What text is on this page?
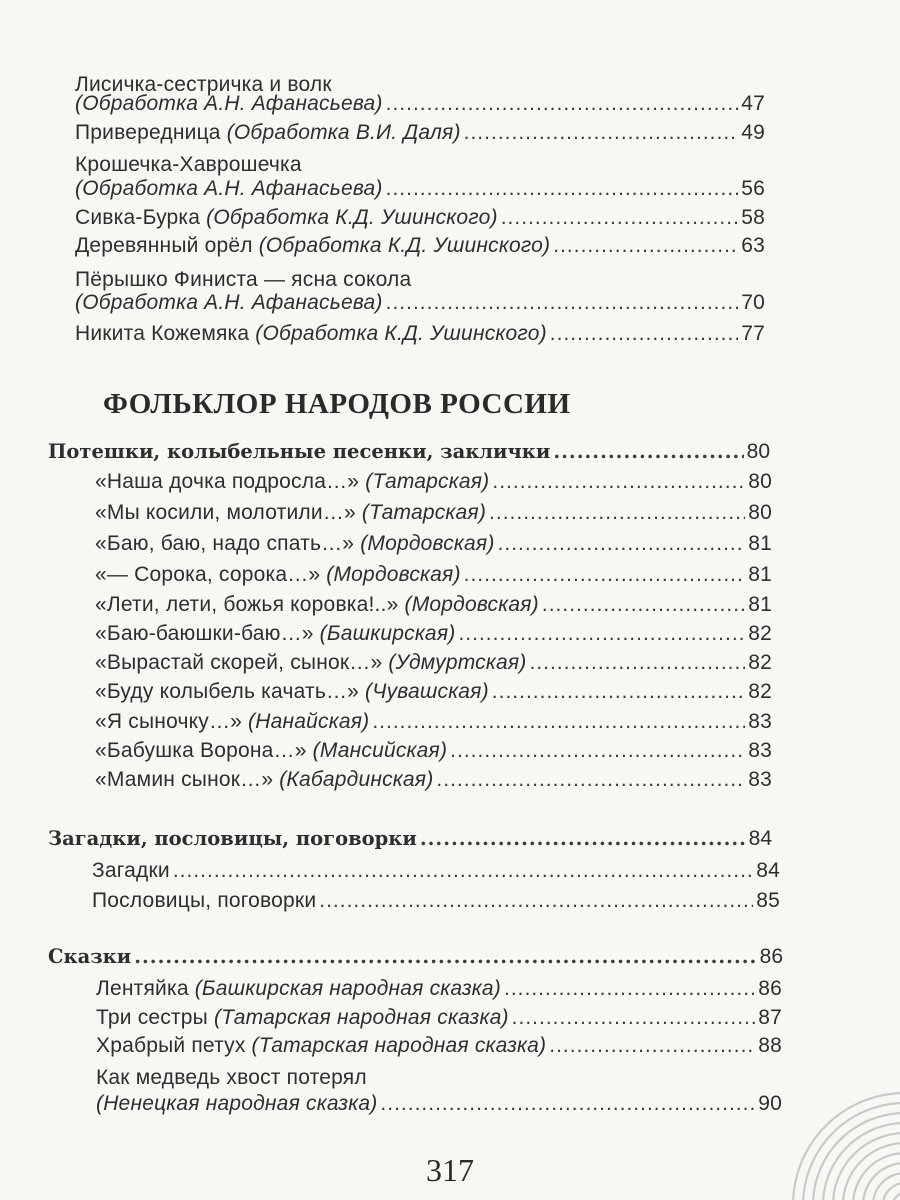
Лисичка-сестричка и волк
(Обработка А.Н. Афанасьева) .....	47
Привередница (Обработка В.И. Даля) .....	49
Крошечка-Хаврошечка
(Обработка А.Н. Афанасьева) .....	56
Сивка-Бурка (Обработка К.Д. Ушинского) .....	58
Деревянный орёл (Обработка К.Д. Ушинского) .....	63
Пёрышко Финиста — ясна сокола
(Обработка А.Н. Афанасьева) .....	70
Никита Кожемяка (Обработка К.Д. Ушинского) .....	77
ФОЛЬКЛОР НАРОДОВ РОССИИ
Потешки, колыбельные песенки, заклички .....	80
«Наша дочка подросла…» (Татарская) .....	80
«Мы косили, молотили…» (Татарская) .....	80
«Баю, баю, надо спать…» (Мордовская) .....	81
«— Сорока, сорока…» (Мордовская) .....	81
«Лети, лети, божья коровка!..» (Мордовская) .....	81
«Баю-баюшки-баю…» (Башкирская) .....	82
«Вырастай скорей, сынок…» (Удмуртская) .....	82
«Буду колыбель качать…» (Чувашская) .....	82
«Я сыночку…» (Нанайская) .....	83
«Бабушка Ворона…» (Мансийская) .....	83
«Мамин сынок…» (Кабардинская) .....	83
Загадки, пословицы, поговорки .....	84
Загадки .....	84
Пословицы, поговорки .....	85
Сказки .....	86
Лентяйка (Башкирская народная сказка) .....	86
Три сестры (Татарская народная сказка) .....	87
Храбрый петух (Татарская народная сказка) .....	88
Как медведь хвост потерял
(Ненецкая народная сказка) .....	90
317
